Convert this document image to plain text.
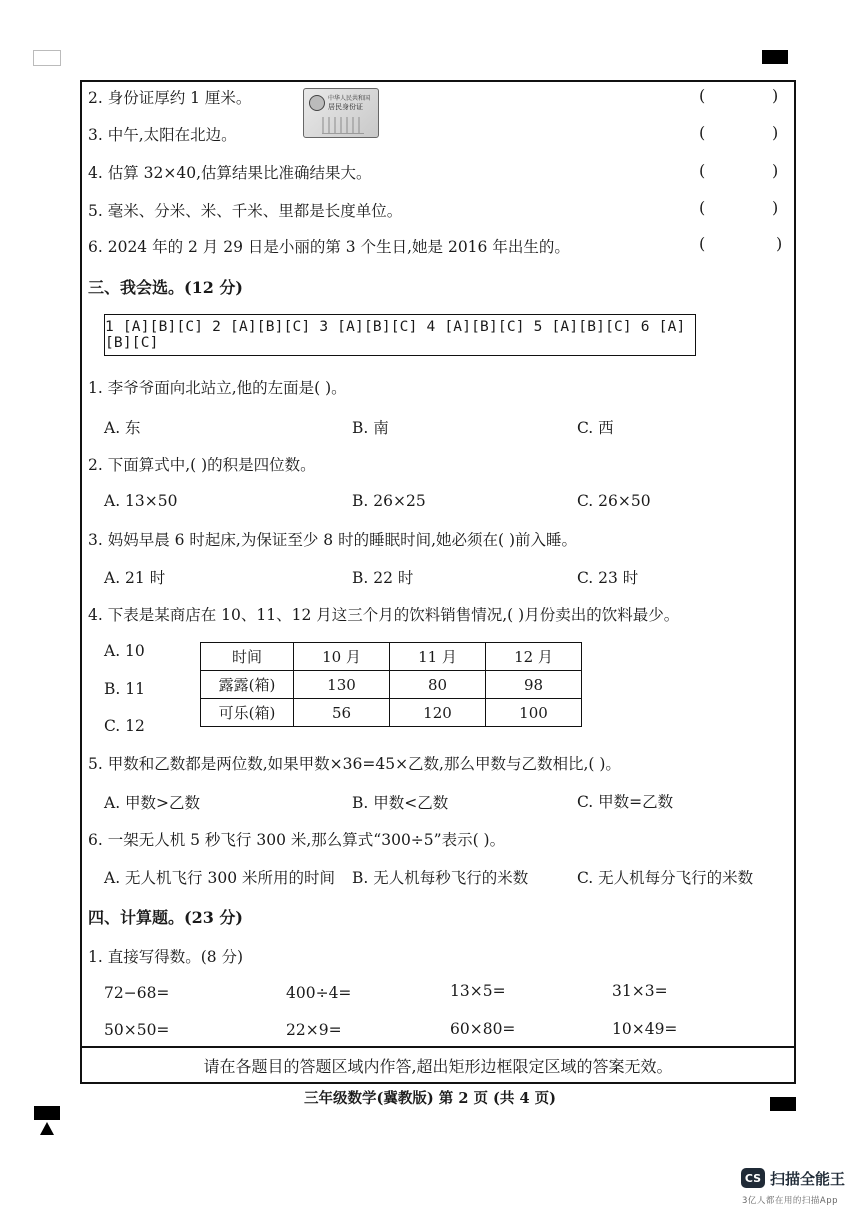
2. 身份证厚约 1 厘米。	(	)
中华人民共和国
居民身份证
3. 中午,太阳在北边。	(	)
4. 估算 32×40,估算结果比准确结果大。	(	)
5. 毫米、分米、米、千米、里都是长度单位。	(	)
6. 2024 年的 2 月 29 日是小丽的第 3 个生日,她是 2016 年出生的。	(	)
三、我会选。(12 分)
1 [A][B][C] 2 [A][B][C] 3 [A][B][C] 4 [A][B][C] 5 [A][B][C] 6 [A][B][C]
1. 李爷爷面向北站立,他的左面是( )。
A. 东	B. 南	C. 西
2. 下面算式中,( )的积是四位数。
A. 13×50	B. 26×25	C. 26×50
3. 妈妈早晨 6 时起床,为保证至少 8 时的睡眠时间,她必须在( )前入睡。
A. 21 时	B. 22 时	C. 23 时
4. 下表是某商店在 10、11、12 月这三个月的饮料销售情况,( )月份卖出的饮料最少。
A. 10
B. 11
C. 12
时间	10 月	11 月	12 月
露露(箱)	130	80	98
可乐(箱)	56	120	100
5. 甲数和乙数都是两位数,如果甲数×36=45×乙数,那么甲数与乙数相比,( )。
A. 甲数>乙数	B. 甲数<乙数	C. 甲数=乙数
6. 一架无人机 5 秒飞行 300 米,那么算式“300÷5”表示( )。
A. 无人机飞行 300 米所用的时间 B. 无人机每秒飞行的米数	C. 无人机每分飞行的米数
四、计算题。(23 分)
1. 直接写得数。(8 分)
72−68=	400÷4=	13×5=	31×3=
50×50=	22×9=	60×80=	10×49=
请在各题目的答题区域内作答,超出矩形边框限定区域的答案无效。
三年级数学(冀教版) 第 2 页 (共 4 页)
CS 扫描全能王
3亿人都在用的扫描App
